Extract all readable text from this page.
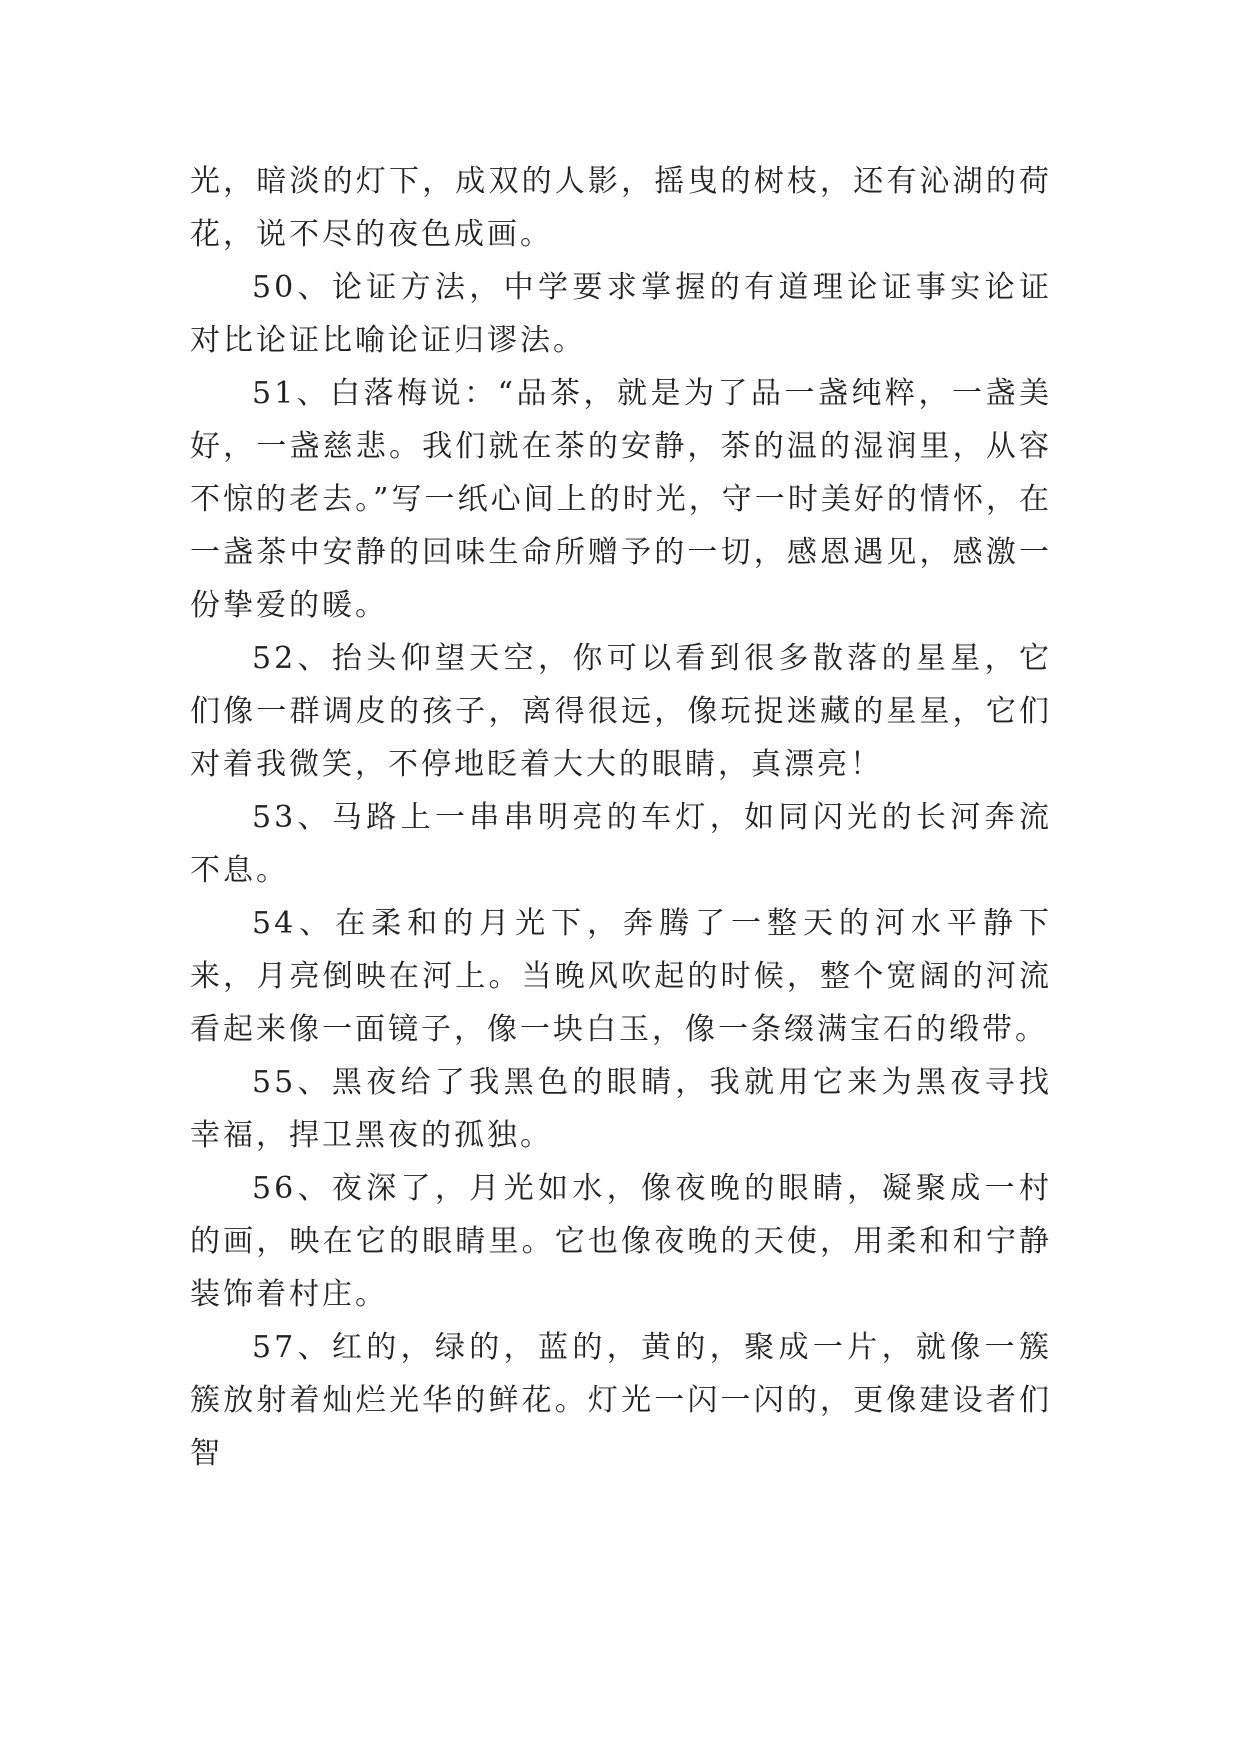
光，暗淡的灯下，成双的人影，摇曳的树枝，还有沁湖的荷花，说不尽的夜色成画。

50、论证方法，中学要求掌握的有道理论证事实论证对比论证比喻论证归谬法。

51、白落梅说：“品茶，就是为了品一盏纯粹，一盏美好，一盏慈悲。我们就在茶的安静，茶的温的湿润里，从容不惊的老去。”写一纸心间上的时光，守一时美好的情怀，在一盏茶中安静的回味生命所赠予的一切，感恩遇见，感激一份挚爱的暖。

52、抬头仰望天空，你可以看到很多散落的星星，它们像一群调皮的孩子，离得很远，像玩捉迷藏的星星，它们对着我微笑，不停地眨着大大的眼睛，真漂亮！

53、马路上一串串明亮的车灯，如同闪光的长河奔流不息。

54、在柔和的月光下，奔腾了一整天的河水平静下来，月亮倒映在河上。当晚风吹起的时候，整个宽阔的河流看起来像一面镜子，像一块白玉，像一条缀满宝石的缎带。

55、黑夜给了我黑色的眼睛，我就用它来为黑夜寻找幸福，捍卫黑夜的孤独。

56、夜深了，月光如水，像夜晚的眼睛，凝聚成一村的画，映在它的眼睛里。它也像夜晚的天使，用柔和和宁静装饰着村庄。

57、红的，绿的，蓝的，黄的，聚成一片，就像一簇簇放射着灿烂光华的鲜花。灯光一闪一闪的，更像建设者们智
